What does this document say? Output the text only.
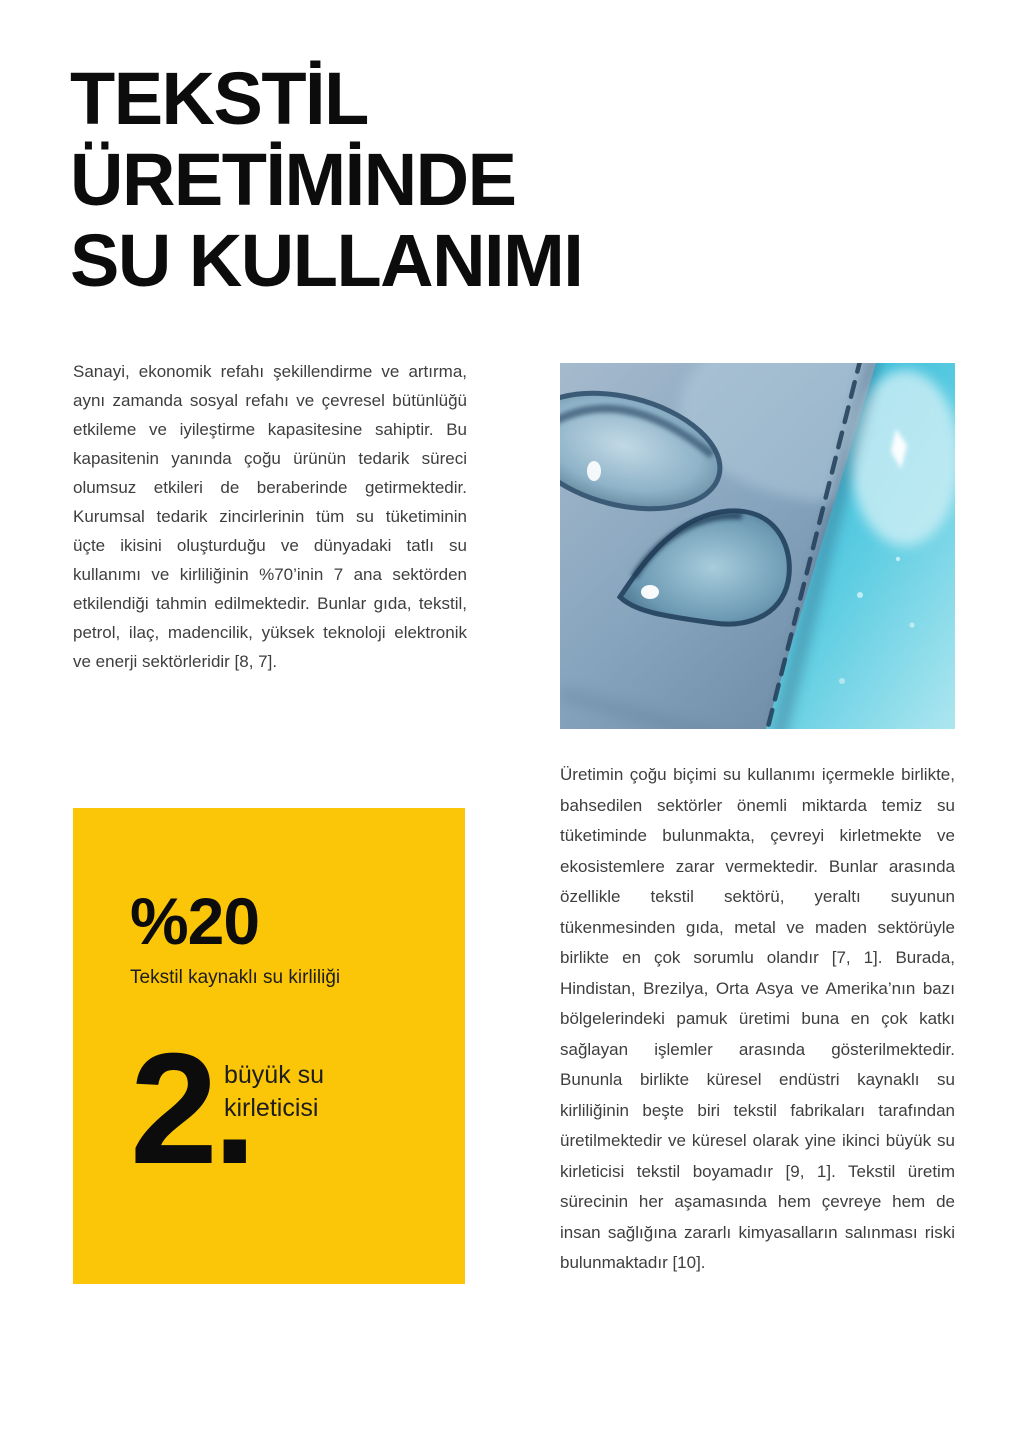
TEKSTİL
ÜRETİMİNDE
SU KULLANIMI

Sanayi, ekonomik refahı şekillendirme ve artırma, aynı zamanda sosyal refahı ve çevresel bütünlüğü etkileme ve iyileştirme kapasitesine sahiptir. Bu kapasitenin yanında çoğu ürünün tedarik süreci olumsuz etkileri de beraberinde getirmektedir. Kurumsal tedarik zincirlerinin tüm su tüketiminin üçte ikisini oluşturduğu ve dünyadaki tatlı su kullanımı ve kirliliğinin %70’inin 7 ana sektörden etkilendiği tahmin edilmektedir. Bunlar gıda, tekstil, petrol, ilaç, madencilik, yüksek teknoloji elektronik ve enerji sektörleridir [8, 7].

%20
Tekstil kaynaklı su kirliliği
2.
büyük su
kirleticisi

Üretimin çoğu biçimi su kullanımı içermekle birlikte, bahsedilen sektörler önemli miktarda temiz su tüketiminde bulunmakta, çevreyi kirletmekte ve ekosistemlere zarar vermektedir. Bunlar arasında özellikle tekstil sektörü, yeraltı suyunun tükenmesinden gıda, metal ve maden sektörüyle birlikte en çok sorumlu olandır [7, 1]. Burada, Hindistan, Brezilya, Orta Asya ve Amerika’nın bazı bölgelerindeki pamuk üretimi buna en çok katkı sağlayan işlemler arasında gösterilmektedir. Bununla birlikte küresel endüstri kaynaklı su kirliliğinin beşte biri tekstil fabrikaları tarafından üretilmektedir ve küresel olarak yine ikinci büyük su kirleticisi tekstil boyamadır [9, 1]. Tekstil üretim sürecinin her aşamasında hem çevreye hem de insan sağlığına zararlı kimyasalların salınması riski bulunmaktadır [10].
